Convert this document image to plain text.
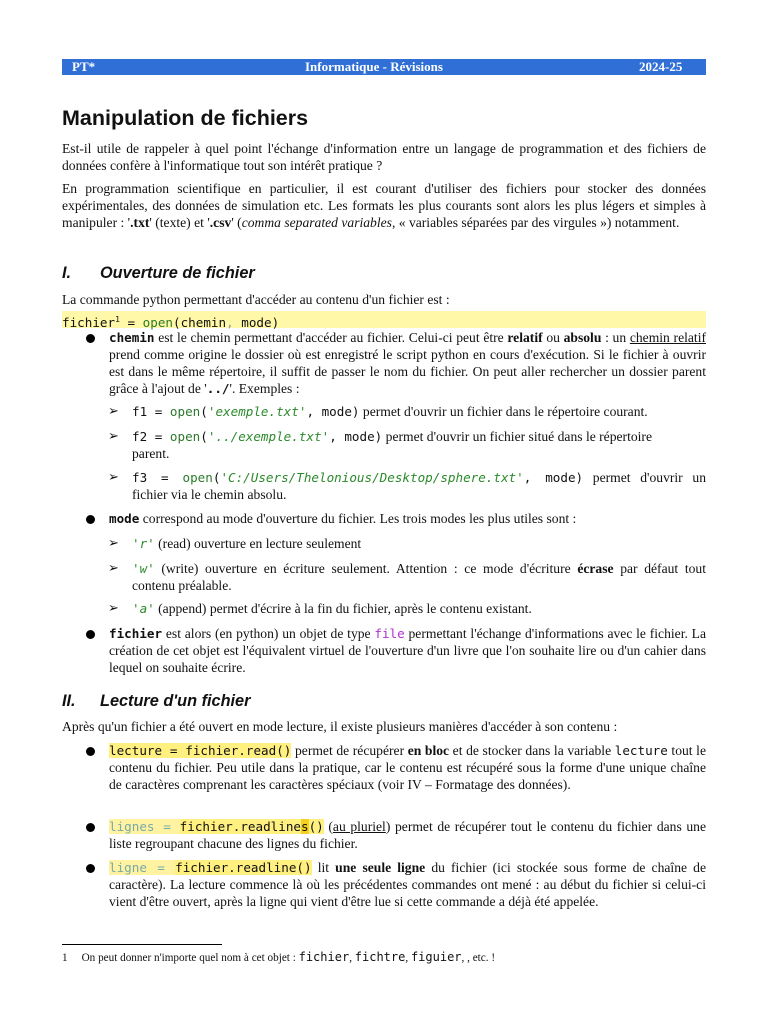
PT*	Informatique - Révisions	2024-25
Manipulation de fichiers

Est-il utile de rappeler à quel point l'échange d'information entre un langage de programmation et des fichiers de données confère à l'informatique tout son intérêt pratique ?

En programmation scientifique en particulier, il est courant d'utiliser des fichiers pour stocker des données expérimentales, des données de simulation etc. Les formats les plus courants sont alors les plus légers et simples à manipuler : '.txt' (texte) et '.csv' (comma separated variables, « variables séparées par des virgules ») notamment.

I. Ouverture de fichier

La commande python permettant d'accéder au contenu d'un fichier est :

fichier$^1$ = open(chemin, mode)

chemin est le chemin permettant d'accéder au fichier. Celui-ci peut être relatif ou absolu : un chemin relatif prend comme origine le dossier où est enregistré le script python en cours d'exécution. Si le fichier à ouvrir est dans le même répertoire, il suffit de passer le nom du fichier. On peut aller rechercher un dossier parent grâce à l'ajout de '../'. Exemples :

➢ f1 = open('exemple.txt', mode) permet d'ouvrir un fichier dans le répertoire courant.

➢ f2 = open('../exemple.txt', mode) permet d'ouvrir un fichier situé dans le répertoire parent.

➢ f3 = open('C:/Users/Thelonious/Desktop/sphere.txt', mode) permet d'ouvrir un fichier via le chemin absolu.

mode correspond au mode d'ouverture du fichier. Les trois modes les plus utiles sont :

➢ 'r' (read) ouverture en lecture seulement

➢ 'w' (write) ouverture en écriture seulement. Attention : ce mode d'écriture écrase par défaut tout contenu préalable.

➢ 'a' (append) permet d'écrire à la fin du fichier, après le contenu existant.

fichier est alors (en python) un objet de type file permettant l'échange d'informations avec le fichier. La création de cet objet est l'équivalent virtuel de l'ouverture d'un livre que l'on souhaite lire ou d'un cahier dans lequel on souhaite écrire.

II. Lecture d'un fichier

Après qu'un fichier a été ouvert en mode lecture, il existe plusieurs manières d'accéder à son contenu :

lecture = fichier.read() permet de récupérer en bloc et de stocker dans la variable lecture tout le contenu du fichier. Peu utile dans la pratique, car le contenu est récupéré sous la forme d'une unique chaîne de caractères comprenant les caractères spéciaux (voir IV – Formatage des données).

lignes = fichier.readlines() (au pluriel) permet de récupérer tout le contenu du fichier dans une liste regroupant chacune des lignes du fichier.

ligne = fichier.readline() lit une seule ligne du fichier (ici stockée sous forme de chaîne de caractère). La lecture commence là où les précédentes commandes ont mené : au début du fichier si celui-ci vient d'être ouvert, après la ligne qui vient d'être lue si cette commande a déjà été appelée.

1 On peut donner n'importe quel nom à cet objet : fichier, fichtre, figuier, , etc. !
